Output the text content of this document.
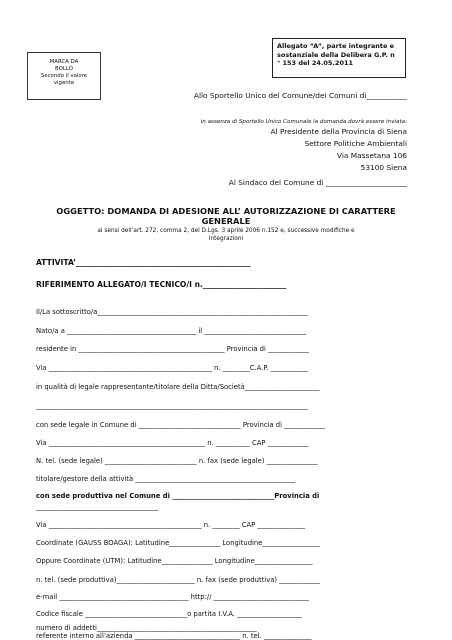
MARCA DA
BOLLO
Secondo il valore
vigente
Allegato “A”, parte integrante e
sostanziale della Delibera G.P. n
° 153 del 24.05.2011
Allo Sportello Unico del Comune/dei Comuni di___________
in assenza di Sportello Unico Comunale la domanda dovrà essere inviata:
Al Presidente della Provincia di Siena
Settore Politiche Ambientali
Via Massetana 106
53100 Siena
Al Sindaco del Comune di ______________________
OGGETTO: DOMANDA DI ADESIONE ALL’ AUTORIZZAZIONE DI CARATTERE
GENERALE
ai sensi dell’art. 272, comma 2, del D.Lgs. 3 aprile 2006 n.152 e, successive modifiche e
integrazioni
ATTIVITA’______________________________________________
RIFERIMENTO ALLEGATO/I TECNICO/I n.______________________
Il/La sottoscritto/a______________________________________________________________
Nato/a a ______________________________________ il ______________________________
residente in ___________________________________________ Provincia di ____________
Via ________________________________________________ n. ________C.A.P. ___________
in qualità di legale rappresentante/titolare della Ditta/Società______________________
________________________________________________________________________________
con sede legale in Comune di ______________________________ Provincia di ____________
Via ______________________________________________ n. __________ CAP ____________
N. tel. (sede legale) ___________________________ n. fax (sede legale) _______________
titolare/gestore della attività _______________________________________________
con sede produttiva nel Comune di ______________________________Provincia di
____________________________________
Via _____________________________________________ n. ________ CAP ______________
Coordinate (GAUSS BOAGA): Latitudine_______________ Longitudine_________________
Oppure Coordinate (UTM): Latitudine_______________ Longitudine_________________
n. tel. (sede produttiva)_______________________ n. fax (sede produttiva) ____________
e-mail ______________________________________ http:// ____________________________
Codice fiscale ______________________________o partita I.V.A. ___________________
numero di addetti_______________________________________________
referente interno all’azienda _______________________________ n. tel. ______________
